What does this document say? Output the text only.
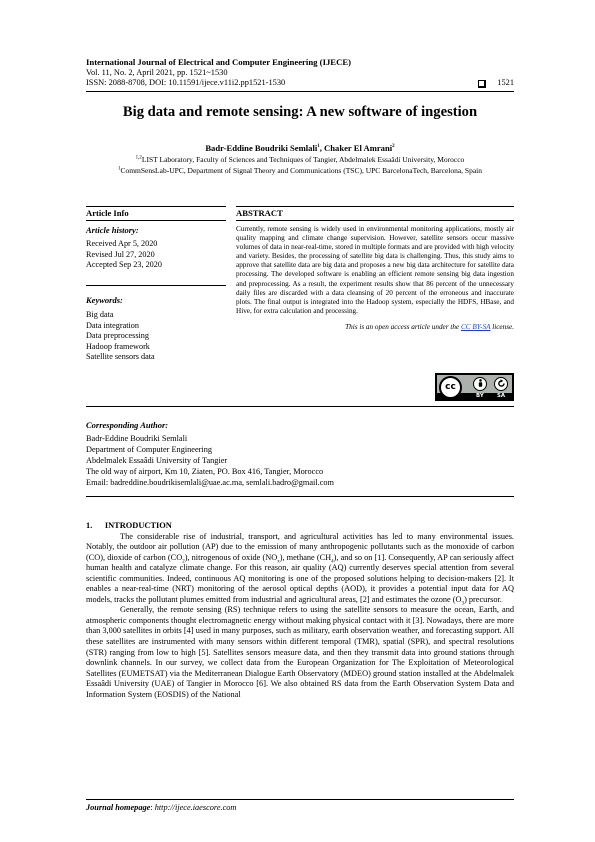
International Journal of Electrical and Computer Engineering (IJECE)
Vol. 11, No. 2, April 2021, pp. 1521~1530
ISSN: 2088-8708, DOI: 10.11591/ijece.v11i2.pp1521-1530	1521
Big data and remote sensing: A new software of ingestion
Badr-Eddine Boudriki Semlali$^1$, Chaker El Amrani$^2$
$^{1,2}$LIST Laboratory, Faculty of Sciences and Techniques of Tangier, Abdelmalek Essaâdi University, Morocco
$^1$CommSensLab-UPC, Department of Signal Theory and Communications (TSC), UPC BarcelonaTech, Barcelona, Spain
Article Info	ABSTRACT
Article history:
Received Apr 5, 2020
Revised Jul 27, 2020
Accepted Sep 23, 2020
Keywords:
Big data
Data integration
Data preprocessing
Hadoop framework
Satellite sensors data
Currently, remote sensing is widely used in environmental monitoring applications, mostly air quality mapping and climate change supervision. However, satellite sensors occur massive volumes of data in near-real-time, stored in multiple formats and are provided with high velocity and variety. Besides, the processing of satellite big data is challenging. Thus, this study aims to approve that satellite data are big data and proposes a new big data architecture for satellite data processing. The developed software is enabling an efficient remote sensing big data ingestion and preprocessing. As a result, the experiment results show that 86 percent of the unnecessary daily files are discarded with a data cleansing of 20 percent of the erroneous and inaccurate plots. The final output is integrated into the Hadoop system, especially the HDFS, HBase, and Hive, for extra calculation and processing.
This is an open access article under the CC BY-SA license.
cc
BY SA
Corresponding Author:
Badr-Eddine Boudriki Semlali
Department of Computer Engineering
Abdelmalek Essaâdi University of Tangier
The old way of airport, Km 10, Ziaten, PO. Box 416, Tangier, Morocco
Email: badreddine.boudrikisemlali@uae.ac.ma, semlali.badro@gmail.com
1.      INTRODUCTION

The considerable rise of industrial, transport, and agricultural activities has led to many environmental issues. Notably, the outdoor air pollution (AP) due to the emission of many anthropogenic pollutants such as the monoxide of carbon (CO), dioxide of carbon $(CO_2)$, nitrogenous of oxide $(NO_x)$, methane $(CH_4)$, and so on [1]. Consequently, AP can seriously affect human health and catalyze climate change. For this reason, air quality (AQ) currently deserves special attention from several scientific communities. Indeed, continuous AQ monitoring is one of the proposed solutions helping to decision-makers [2]. It enables a near-real-time (NRT) monitoring of the aerosol optical depths (AOD), it provides a potential input data for AQ models, tracks the pollutant plumes emitted from industrial and agricultural areas, [2] and estimates the ozone $(O_3)$ precursor.

Generally, the remote sensing (RS) technique refers to using the satellite sensors to measure the ocean, Earth, and atmospheric components thought electromagnetic energy without making physical contact with it [3]. Nowadays, there are more than 3,000 satellites in orbits [4] used in many purposes, such as military, earth observation weather, and forecasting support. All these satellites are instrumented with many sensors within different temporal (TMR), spatial (SPR), and spectral resolutions (STR) ranging from low to high [5]. Satellites sensors measure data, and then they transmit data into ground stations through downlink channels. In our survey, we collect data from the European Organization for The Exploitation of Meteorological Satellites (EUMETSAT) via the Mediterranean Dialogue Earth Observatory (MDEO) ground station installed at the Abdelmalek Essaâdi University (UAE) of Tangier in Morocco [6]. We also obtained RS data from the Earth Observation System Data and Information System (EOSDIS) of the National

Journal homepage: http://ijece.iaescore.com
